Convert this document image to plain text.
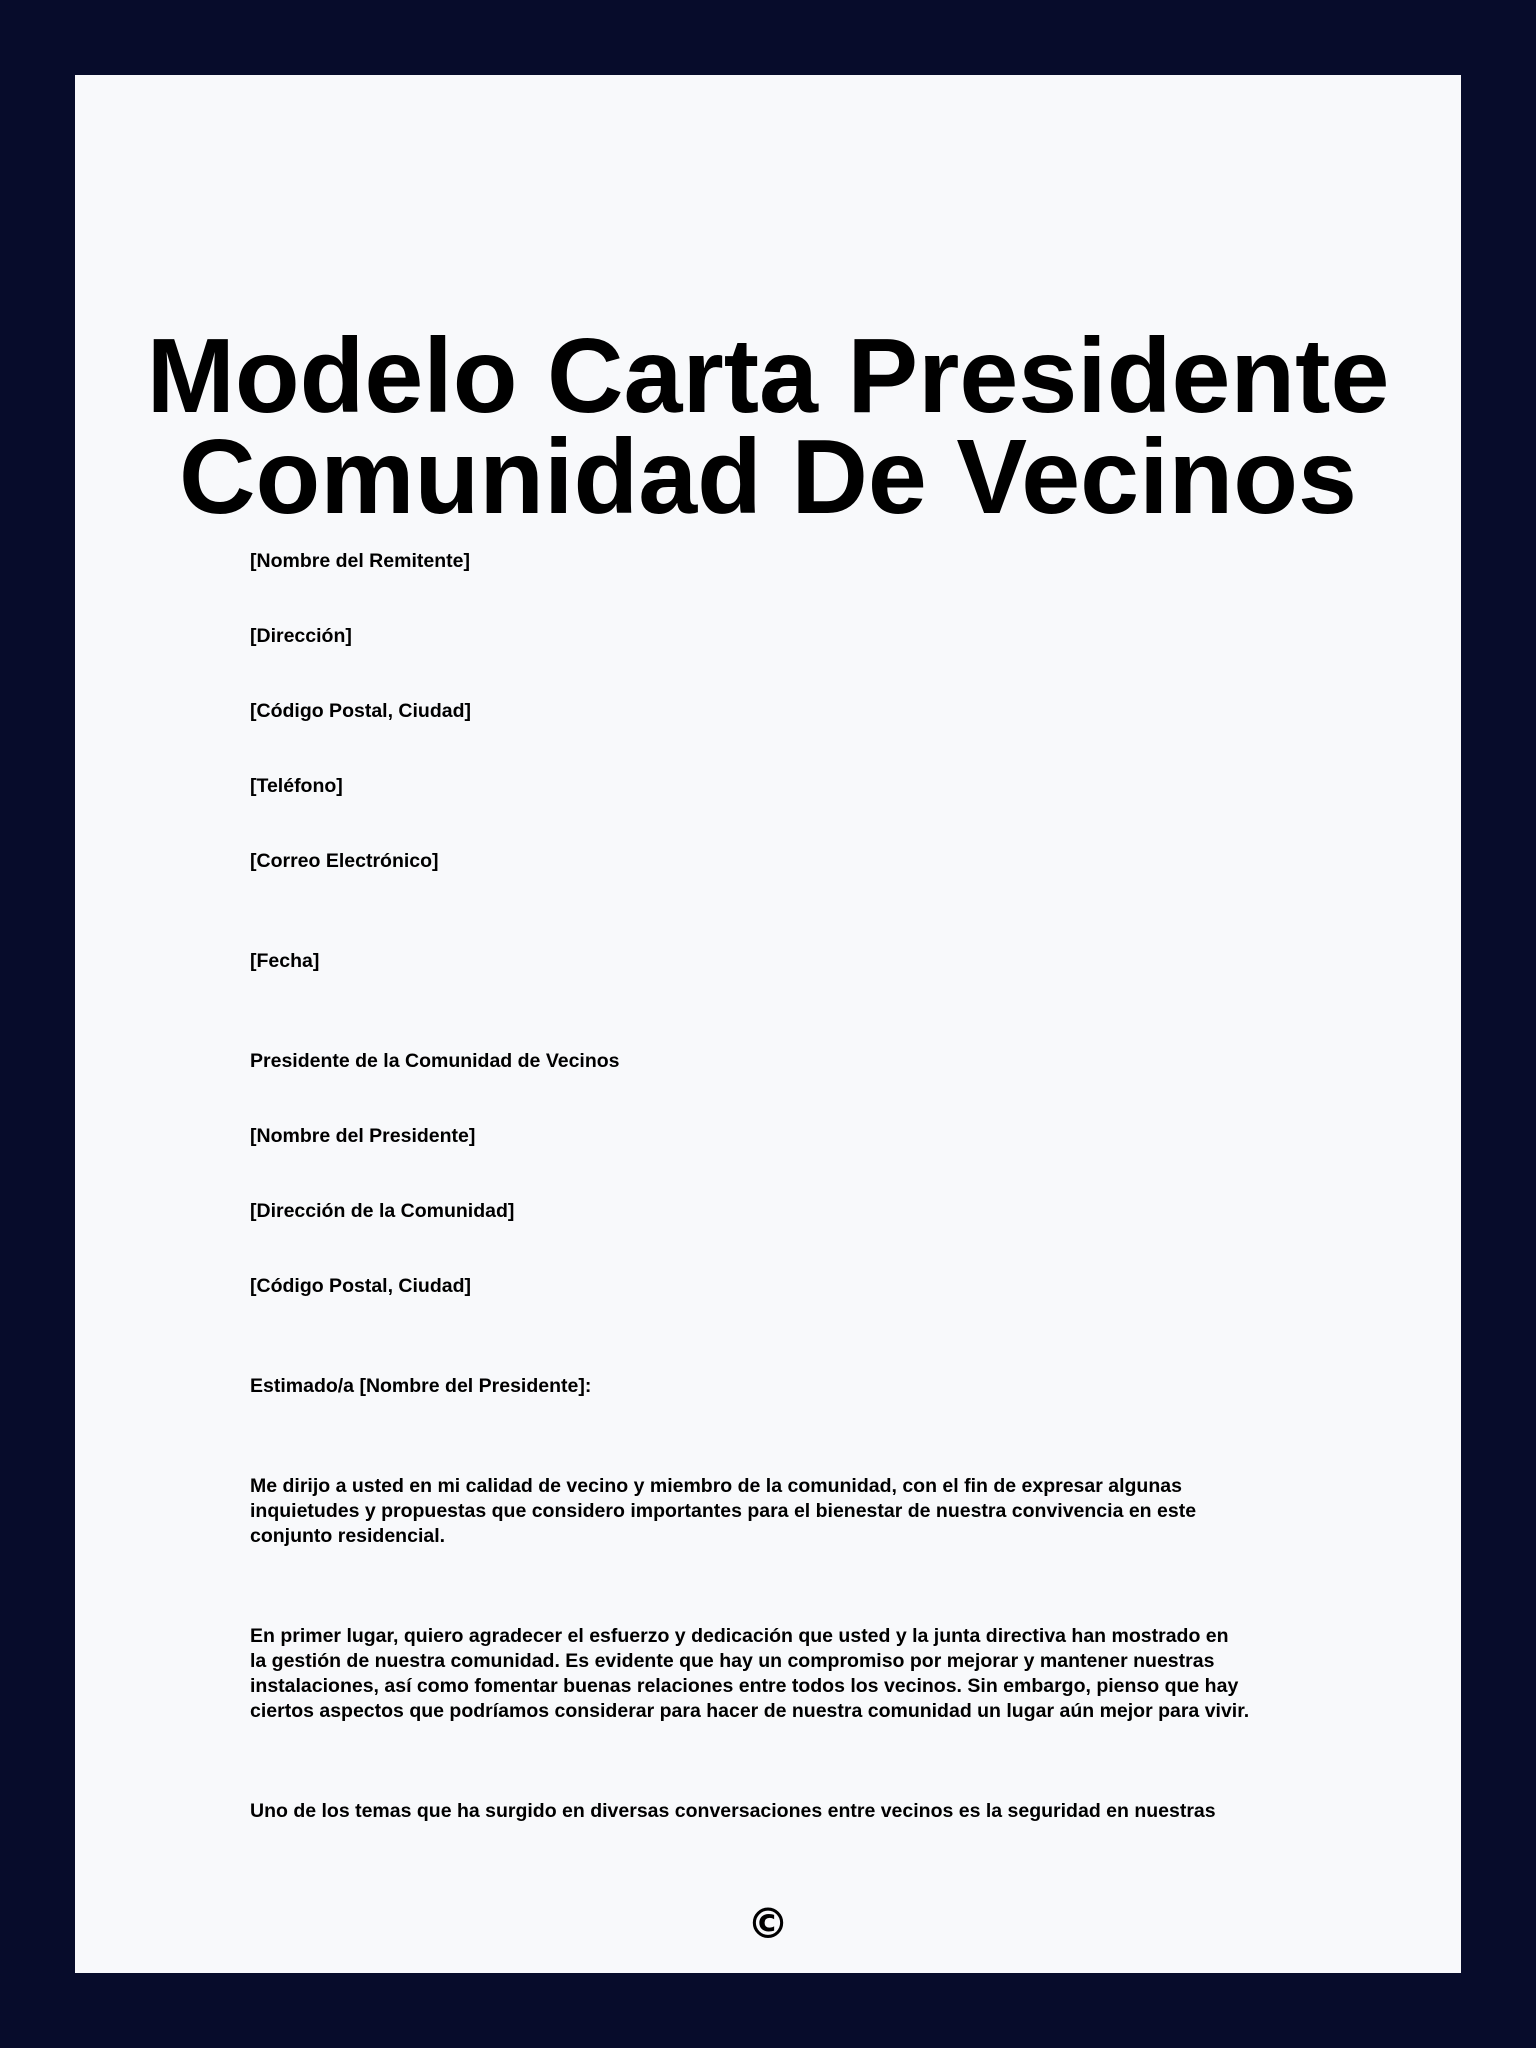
Modelo Carta Presidente
Comunidad De Vecinos

[Nombre del Remitente]

[Dirección]

[Código Postal, Ciudad]

[Teléfono]

[Correo Electrónico]

[Fecha]

Presidente de la Comunidad de Vecinos

[Nombre del Presidente]

[Dirección de la Comunidad]

[Código Postal, Ciudad]

Estimado/a [Nombre del Presidente]:

Me dirijo a usted en mi calidad de vecino y miembro de la comunidad, con el fin de expresar algunas
inquietudes y propuestas que considero importantes para el bienestar de nuestra convivencia en este
conjunto residencial.
En primer lugar, quiero agradecer el esfuerzo y dedicación que usted y la junta directiva han mostrado en
la gestión de nuestra comunidad. Es evidente que hay un compromiso por mejorar y mantener nuestras
instalaciones, así como fomentar buenas relaciones entre todos los vecinos. Sin embargo, pienso que hay
ciertos aspectos que podríamos considerar para hacer de nuestra comunidad un lugar aún mejor para vivir.
Uno de los temas que ha surgido en diversas conversaciones entre vecinos es la seguridad en nuestras
©
